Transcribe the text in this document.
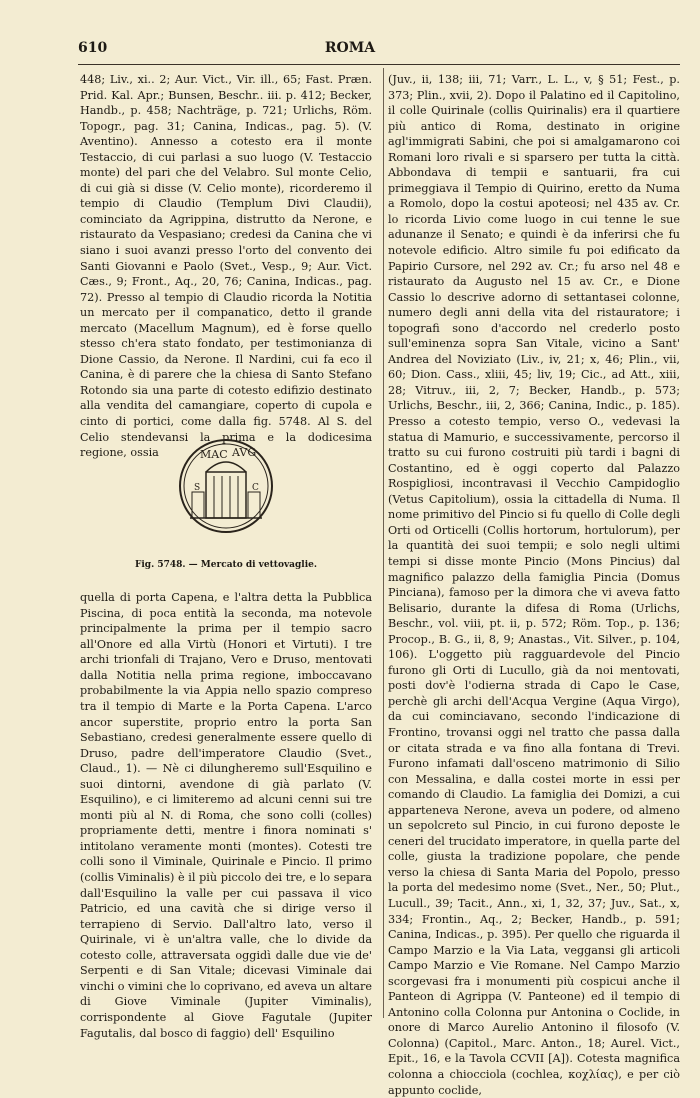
610	ROMA

448; Liv., xi.. 2; Aur. Vict., Vir. ill., 65; Fast. Præn. Prid. Kal. Apr.; Bunsen, Beschr.. iii. p. 412; Becker, Handb., p. 458; Nachträge, p. 721; Urlichs, Röm. Topogr., pag. 31; Canina, Indicas., pag. 5). (V. Aventino). Annesso a cotesto era il monte Testaccio, di cui parlasi a suo luogo (V. Testaccio monte) del pari che del Velabro. Sul monte Celio, di cui già si disse (V. Celio monte), ricorderemo il tempio di Claudio (Templum Divi Claudii), cominciato da Agrippina, distrutto da Nerone, e ristaurato da Vespasiano; credesi da Canina che vi siano i suoi avanzi presso l'orto del convento dei Santi Giovanni e Paolo (Svet., Vesp., 9; Aur. Vict. Cæs., 9; Front., Aq., 20, 76; Canina, Indicas., pag. 72). Presso al tempio di Claudio ricorda la Notitia un mercato per il companatico, detto il grande mercato (Macellum Magnum), ed è forse quello stesso ch'era stato fondato, per testimonianza di Dione Cassio, da Nerone. Il Nardini, cui fa eco il Canina, è di parere che la chiesa di Santo Stefano Rotondo sia una parte di cotesto edifizio destinato alla vendita del camangiare, coperto di cupola e cinto di portici, come dalla fig. 5748. Al S. del Celio stendevansi la prima e la dodicesima regione, ossia	MAC AVG
S	C
Fig. 5748. — Mercato di vettovaglie.

quella di porta Capena, e l'altra detta la Pubblica Piscina, di poca entità la seconda, ma notevole principalmente la prima per il tempio sacro all'Onore ed alla Virtù (Honori et Virtuti). I tre archi trionfali di Trajano, Vero e Druso, mentovati dalla Notitia nella prima regione, imboccavano probabilmente la via Appia nello spazio compreso tra il tempio di Marte e la Porta Capena. L'arco ancor superstite, proprio entro la porta San Sebastiano, credesi generalmente essere quello di Druso, padre dell'imperatore Claudio (Svet., Claud., 1). — Nè ci dilungheremo sull'Esquilino e suoi dintorni, avendone di già parlato (V. Esquilino), e ci limiteremo ad alcuni cenni sui tre monti più al N. di Roma, che sono colli (colles) propriamente detti, mentre i finora nominati s' intitolano veramente monti (montes). Cotesti tre colli sono il Viminale, Quirinale e Pincio. Il primo (collis Viminalis) è il più piccolo dei tre, e lo separa dall'Esquilino la valle per cui passava il vico Patricio, ed una cavità che si dirige verso il terrapieno di Servio. Dall'altro lato, verso il Quirinale, vi è un'altra valle, che lo divide da cotesto colle, attraversata oggidì dalle due vie de' Serpenti e di San Vitale; dicevasi Viminale dai vinchi o vimini che lo coprivano, ed aveva un altare di Giove Viminale (Jupiter Viminalis), corrispondente al Giove Fagutale (Jupiter Fagutalis, dal bosco di faggio) dell' Esquilino

(Juv., ii, 138; iii, 71; Varr., L. L., v, § 51; Fest., p. 373; Plin., xvii, 2). Dopo il Palatino ed il Capitolino, il colle Quirinale (collis Quirinalis) era il quartiere più antico di Roma, destinato in origine agl'immigrati Sabini, che poi si amalgamarono coi Romani loro rivali e si sparsero per tutta la città. Abbondava di tempii e santuarii, fra cui primeggiava il Tempio di Quirino, eretto da Numa a Romolo, dopo la costui apoteosi; nel 435 av. Cr. lo ricorda Livio come luogo in cui tenne le sue adunanze il Senato; e quindi è da inferirsi che fu notevole edificio. Altro simile fu poi edificato da Papirio Cursore, nel 292 av. Cr.; fu arso nel 48 e ristaurato da Augusto nel 15 av. Cr., e Dione Cassio lo descrive adorno di settantasei colonne, numero degli anni della vita del ristauratore; i topografi sono d'accordo nel crederlo posto sull'eminenza sopra San Vitale, vicino a Sant' Andrea del Noviziato (Liv., iv, 21; x, 46; Plin., vii, 60; Dion. Cass., xliii, 45; liv, 19; Cic., ad Att., xiii, 28; Vitruv., iii, 2, 7; Becker, Handb., p. 573; Urlichs, Beschr., iii, 2, 366; Canina, Indic., p. 185). Presso a cotesto tempio, verso O., vedevasi la statua di Mamurio, e successivamente, percorso il tratto su cui furono costruiti più tardi i bagni di Costantino, ed è oggi coperto dal Palazzo Rospigliosi, incontravasi il Vecchio Campidoglio (Vetus Capitolium), ossia la cittadella di Numa. Il nome primitivo del Pincio si fu quello di Colle degli Orti od Orticelli (Collis hortorum, hortulorum), per la quantità dei suoi tempii; e solo negli ultimi tempi si disse monte Pincio (Mons Pincius) dal magnifico palazzo della famiglia Pincia (Domus Pinciana), famoso per la dimora che vi aveva fatto Belisario, durante la difesa di Roma (Urlichs, Beschr., vol. viii, pt. ii, p. 572; Röm. Top., p. 136; Procop., B. G., ii, 8, 9; Anastas., Vit. Silver., p. 104, 106). L'oggetto più ragguardevole del Pincio furono gli Orti di Lucullo, già da noi mentovati, posti dov'è l'odierna strada di Capo le Case, perchè gli archi dell'Acqua Vergine (Aqua Virgo), da cui cominciavano, secondo l'indicazione di Frontino, trovansi oggi nel tratto che passa dalla or citata strada e va fino alla fontana di Trevi. Furono infamati dall'osceno matrimonio di Silio con Messalina, e dalla costei morte in essi per comando di Claudio. La famiglia dei Domizi, a cui apparteneva Nerone, aveva un podere, od almeno un sepolcreto sul Pincio, in cui furono deposte le ceneri del trucidato imperatore, in quella parte del colle, giusta la tradizione popolare, che pende verso la chiesa di Santa Maria del Popolo, presso la porta del medesimo nome (Svet., Ner., 50; Plut., Lucull., 39; Tacit., Ann., xi, 1, 32, 37; Juv., Sat., x, 334; Frontin., Aq., 2; Becker, Handb., p. 591; Canina, Indicas., p. 395). Per quello che riguarda il Campo Marzio e la Via Lata, veggansi gli articoli Campo Marzio e Vie Romane. Nel Campo Marzio scorgevasi fra i monumenti più cospicui anche il Panteon di Agrippa (V. Panteone) ed il tempio di Antonino colla Colonna pur Antonina o Coclide, in onore di Marco Aurelio Antonino il filosofo (V. Colonna) (Capitol., Marc. Anton., 18; Aurel. Vict., Epit., 16, e la Tavola CCVII [A]). Cotesta magnifica colonna a chiocciola (cochlea, κοχλίας), e per ciò appunto coclide,
